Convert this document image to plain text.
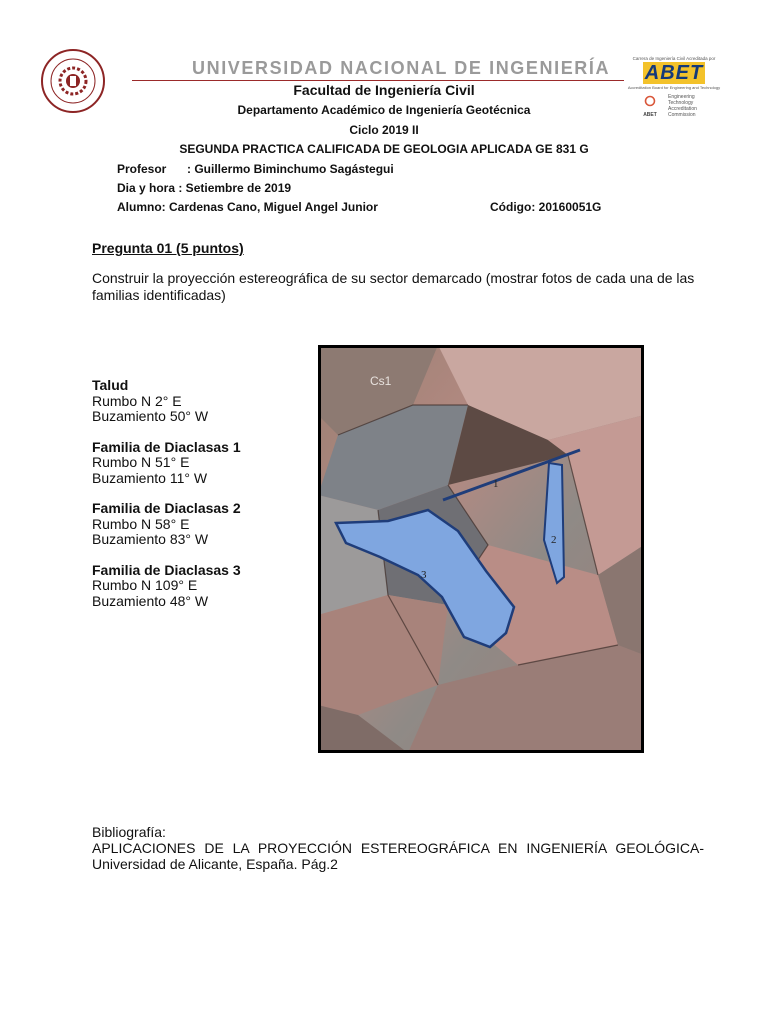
UNIVERSIDAD NACIONAL DE INGENIERÍA	Carrera de Ingeniería Civil Acreditada por
ABET
Accreditation Board for Engineering and Technology
ABET
Engineering Technology Accreditation Commission
Facultad de Ingeniería Civil
Departamento Académico de Ingeniería Geotécnica
Ciclo 2019 II
SEGUNDA PRACTICA CALIFICADA DE GEOLOGIA APLICADA GE 831 G
Profesor : Guillermo Biminchumo Sagástegui
Dia y hora : Setiembre de 2019
Alumno: Cardenas Cano, Miguel Angel Junior	Código: 20160051G
Pregunta 01 (5 puntos)
Construir la proyección estereográfica de su sector demarcado (mostrar fotos de cada una de las familias identificadas)
Talud
Rumbo N 2° E
Buzamiento 50° W
Familia de Diaclasas 1
Rumbo N 51° E
Buzamiento 11° W
Familia de Diaclasas 2
Rumbo N 58° E
Buzamiento 83° W
Familia de Diaclasas 3
Rumbo N 109° E
Buzamiento 48° W
Cs1
1
2
3
Bibliografía:
APLICACIONES DE LA PROYECCIÓN ESTEREOGRÁFICA EN INGENIERÍA GEOLÓGICA-Universidad de Alicante, España. Pág.2
